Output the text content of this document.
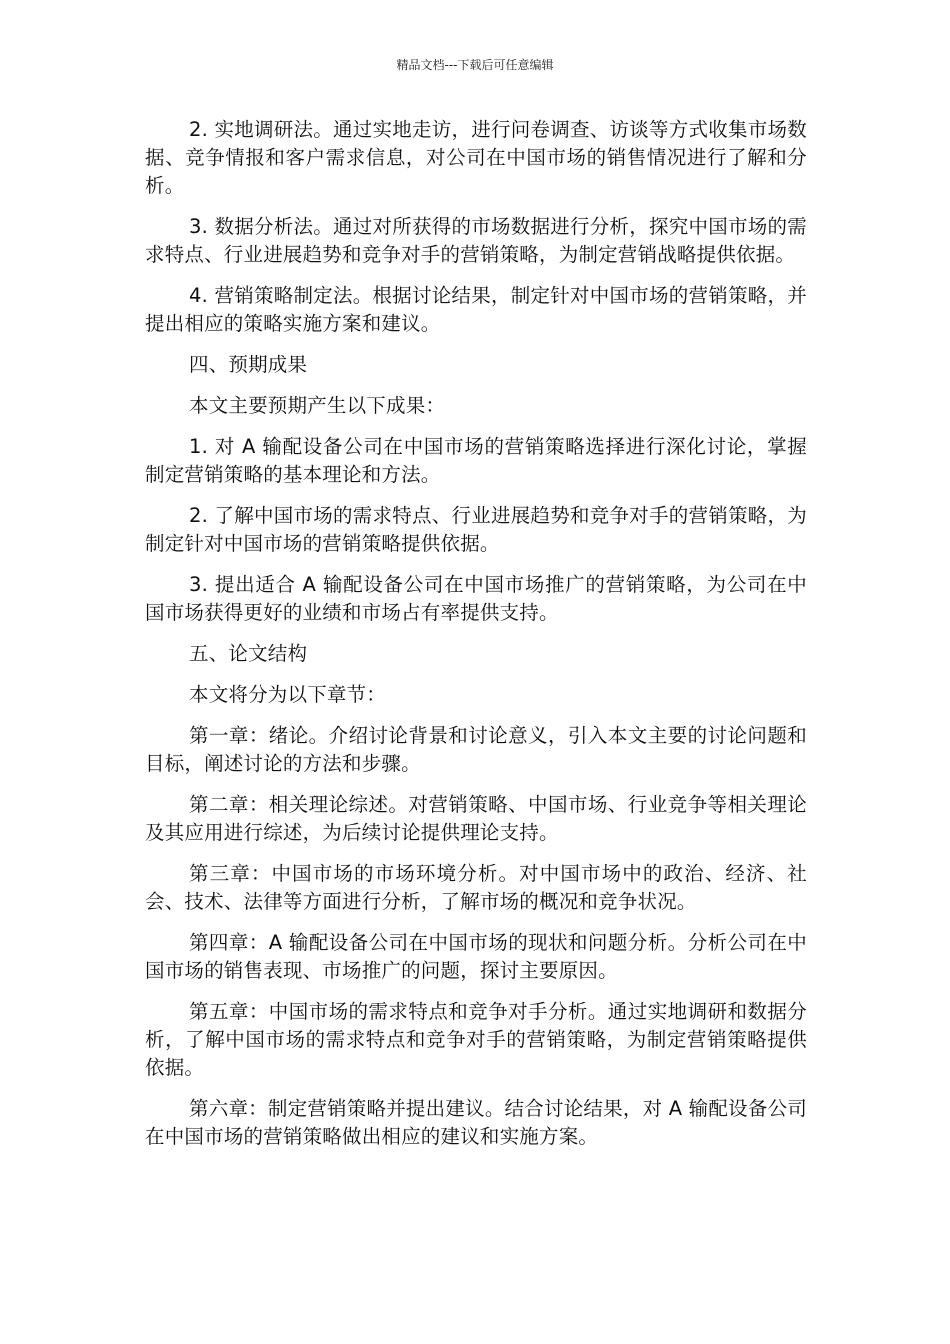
精品文档---下载后可任意编辑

2. 实地调研法。通过实地走访，进行问卷调查、访谈等方式收集市场数据、竞争情报和客户需求信息，对公司在中国市场的销售情况进行了解和分析。

3. 数据分析法。通过对所获得的市场数据进行分析，探究中国市场的需求特点、行业进展趋势和竞争对手的营销策略，为制定营销战略提供依据。

4. 营销策略制定法。根据讨论结果，制定针对中国市场的营销策略，并提出相应的策略实施方案和建议。

四、预期成果

本文主要预期产生以下成果：

1. 对 A 输配设备公司在中国市场的营销策略选择进行深化讨论，掌握制定营销策略的基本理论和方法。

2. 了解中国市场的需求特点、行业进展趋势和竞争对手的营销策略，为制定针对中国市场的营销策略提供依据。

3. 提出适合 A 输配设备公司在中国市场推广的营销策略，为公司在中国市场获得更好的业绩和市场占有率提供支持。

五、论文结构

本文将分为以下章节：

第一章：绪论。介绍讨论背景和讨论意义，引入本文主要的讨论问题和目标，阐述讨论的方法和步骤。

第二章：相关理论综述。对营销策略、中国市场、行业竞争等相关理论及其应用进行综述，为后续讨论提供理论支持。

第三章：中国市场的市场环境分析。对中国市场中的政治、经济、社会、技术、法律等方面进行分析，了解市场的概况和竞争状况。

第四章：A 输配设备公司在中国市场的现状和问题分析。分析公司在中国市场的销售表现、市场推广的问题，探讨主要原因。

第五章：中国市场的需求特点和竞争对手分析。通过实地调研和数据分析，了解中国市场的需求特点和竞争对手的营销策略，为制定营销策略提供依据。

第六章：制定营销策略并提出建议。结合讨论结果，对 A 输配设备公司在中国市场的营销策略做出相应的建议和实施方案。
